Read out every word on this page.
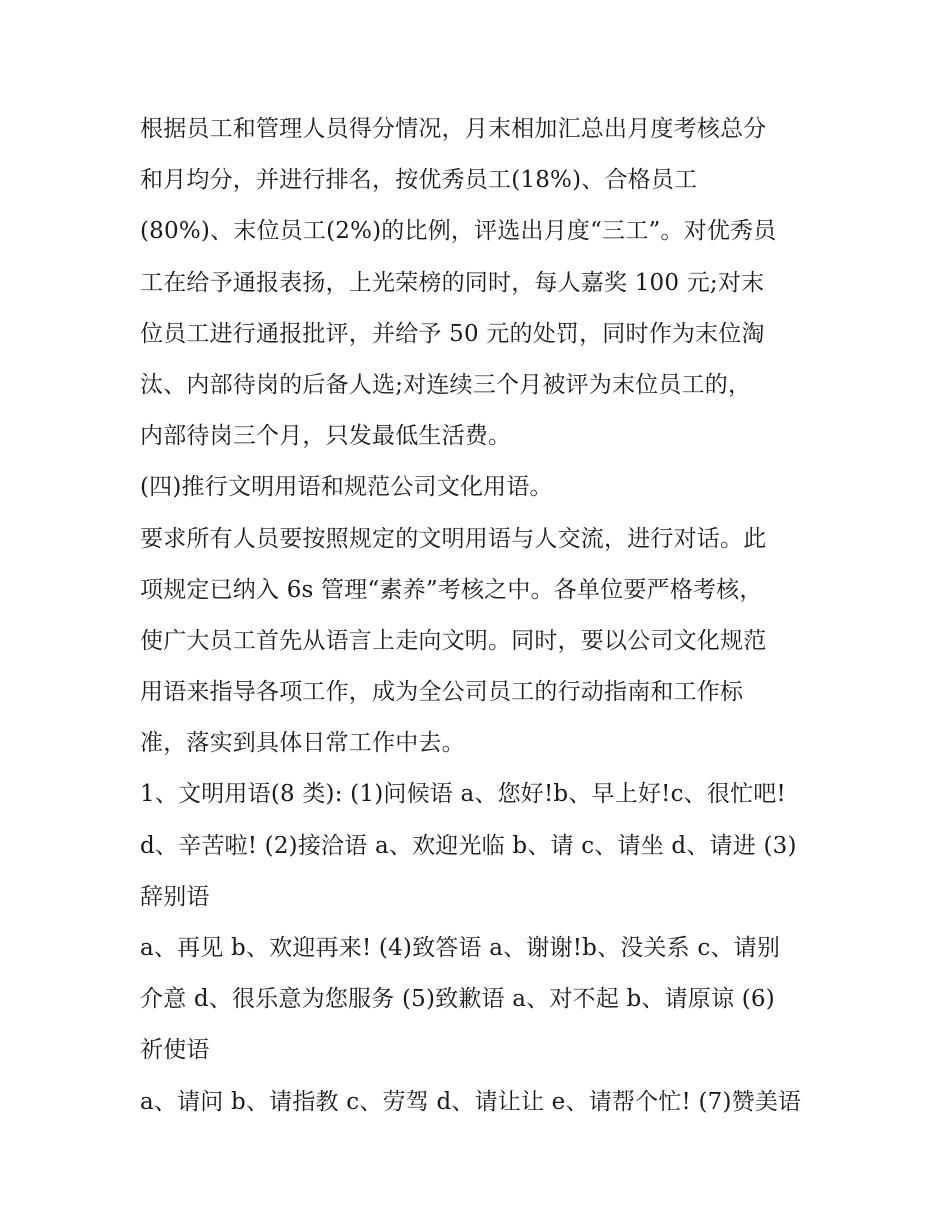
根据员工和管理人员得分情况，月末相加汇总出月度考核总分
和月均分，并进行排名，按优秀员工(18%)、合格员工
(80%)、末位员工(2%)的比例，评选出月度“三工”。对优秀员
工在给予通报表扬，上光荣榜的同时，每人嘉奖 100 元;对末
位员工进行通报批评，并给予 50 元的处罚，同时作为末位淘
汰、内部待岗的后备人选;对连续三个月被评为末位员工的，
内部待岗三个月，只发最低生活费。
(四)推行文明用语和规范公司文化用语。
要求所有人员要按照规定的文明用语与人交流，进行对话。此
项规定已纳入 6s 管理“素养”考核之中。各单位要严格考核，
使广大员工首先从语言上走向文明。同时，要以公司文化规范
用语来指导各项工作，成为全公司员工的行动指南和工作标
准，落实到具体日常工作中去。
1、文明用语(8 类): (1)问候语 a、您好!b、早上好!c、很忙吧!
d、辛苦啦! (2)接洽语 a、欢迎光临 b、请 c、请坐 d、请进 (3)
辞别语
a、再见 b、欢迎再来! (4)致答语 a、谢谢!b、没关系 c、请别
介意 d、很乐意为您服务 (5)致歉语 a、对不起 b、请原谅 (6)
祈使语
a、请问 b、请指教 c、劳驾 d、请让让 e、请帮个忙! (7)赞美语
